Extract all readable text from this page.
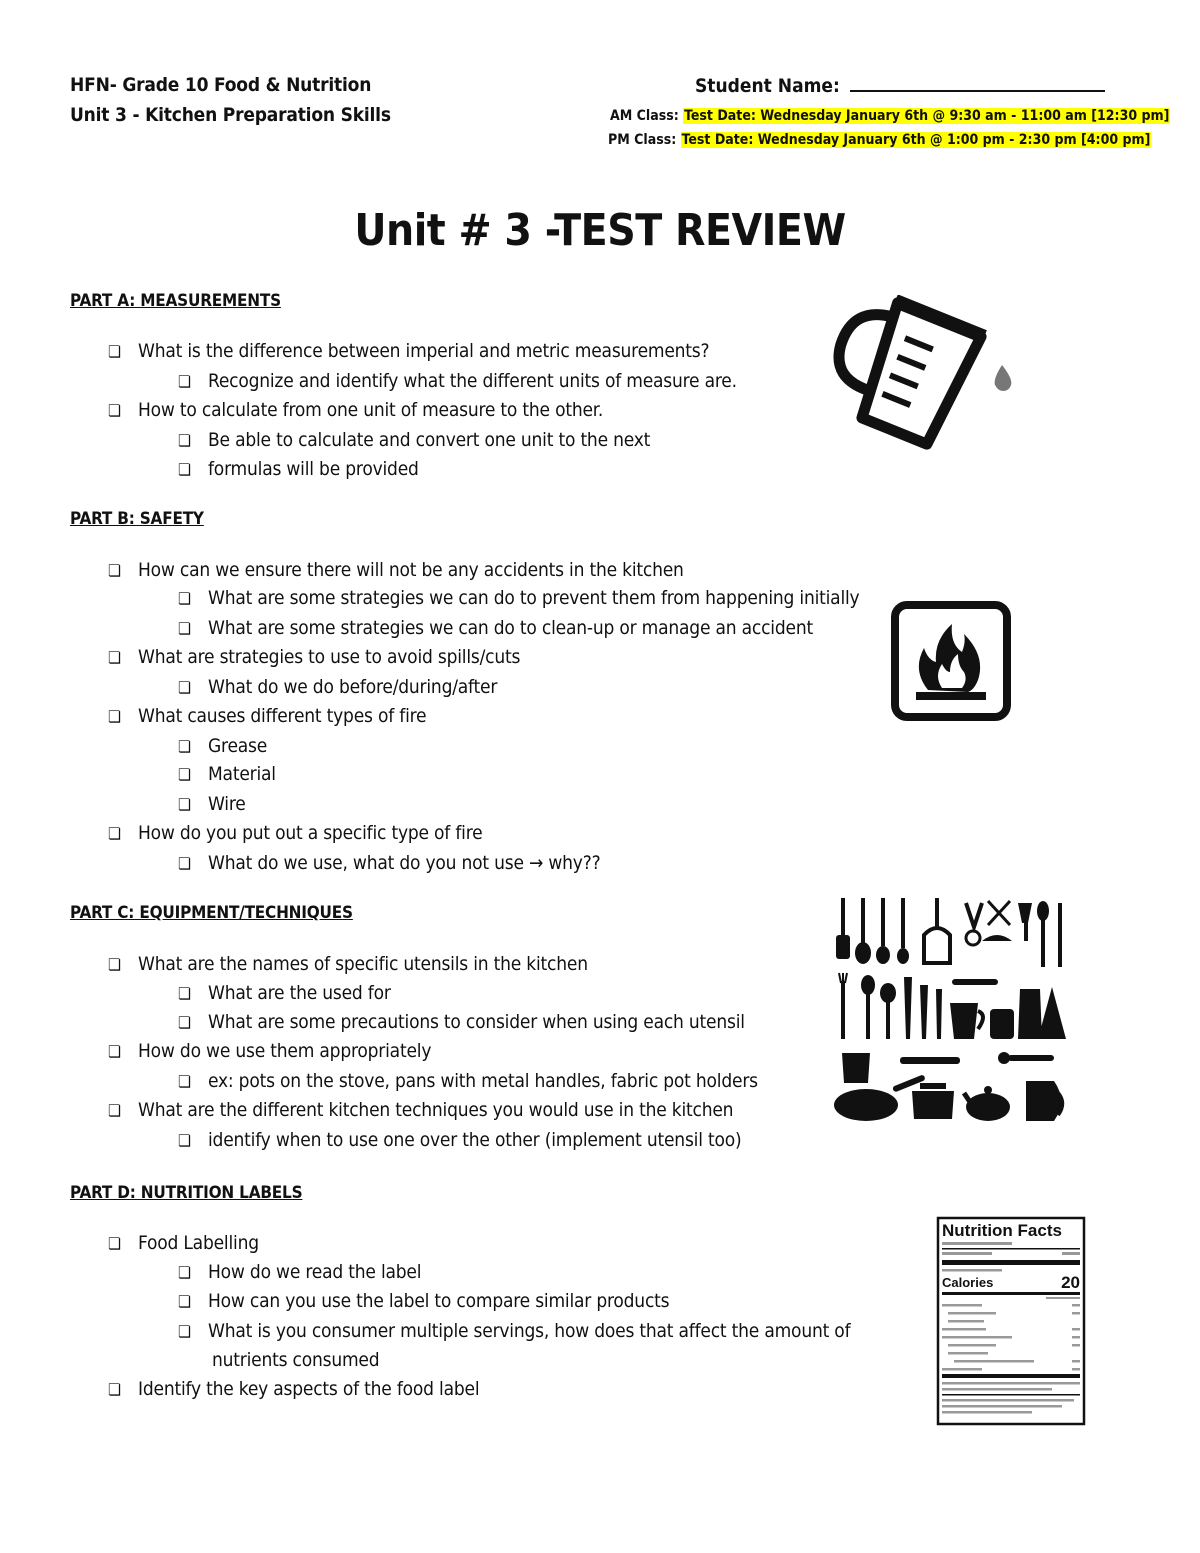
HFN- Grade 10 Food & Nutrition
Unit 3 - Kitchen Preparation Skills
Student Name:
AM Class: Test Date: Wednesday January 6th @ 9:30 am - 11:00 am [12:30 pm]
PM Class: Test Date: Wednesday January 6th @ 1:00 pm - 2:30 pm [4:00 pm]
Unit # 3 -TEST REVIEW
PART A: MEASUREMENTS
❏ What is the difference between imperial and metric measurements?
❏ Recognize and identify what the different units of measure are.
❏ How to calculate from one unit of measure to the other.
❏ Be able to calculate and convert one unit to the next
❏ formulas will be provided
PART B: SAFETY
❏ How can we ensure there will not be any accidents in the kitchen
❏ What are some strategies we can do to prevent them from happening initially
❏ What are some strategies we can do to clean-up or manage an accident
❏ What are strategies to use to avoid spills/cuts
❏ What do we do before/during/after
❏ What causes different types of fire
❏ Grease
❏ Material
❏ Wire
❏ How do you put out a specific type of fire
❏ What do we use, what do you not use → why??
PART C: EQUIPMENT/TECHNIQUES
❏ What are the names of specific utensils in the kitchen
❏ What are the used for
❏ What are some precautions to consider when using each utensil
❏ How do we use them appropriately
❏ ex: pots on the stove, pans with metal handles, fabric pot holders
❏ What are the different kitchen techniques you would use in the kitchen
❏ identify when to use one over the other (implement utensil too)
PART D: NUTRITION LABELS
❏ Food Labelling
❏ How do we read the label
❏ How can you use the label to compare similar products
❏ What is you consumer multiple servings, how does that affect the amount of
nutrients consumed
❏ Identify the key aspects of the food label
Nutrition Facts
Calories	20
